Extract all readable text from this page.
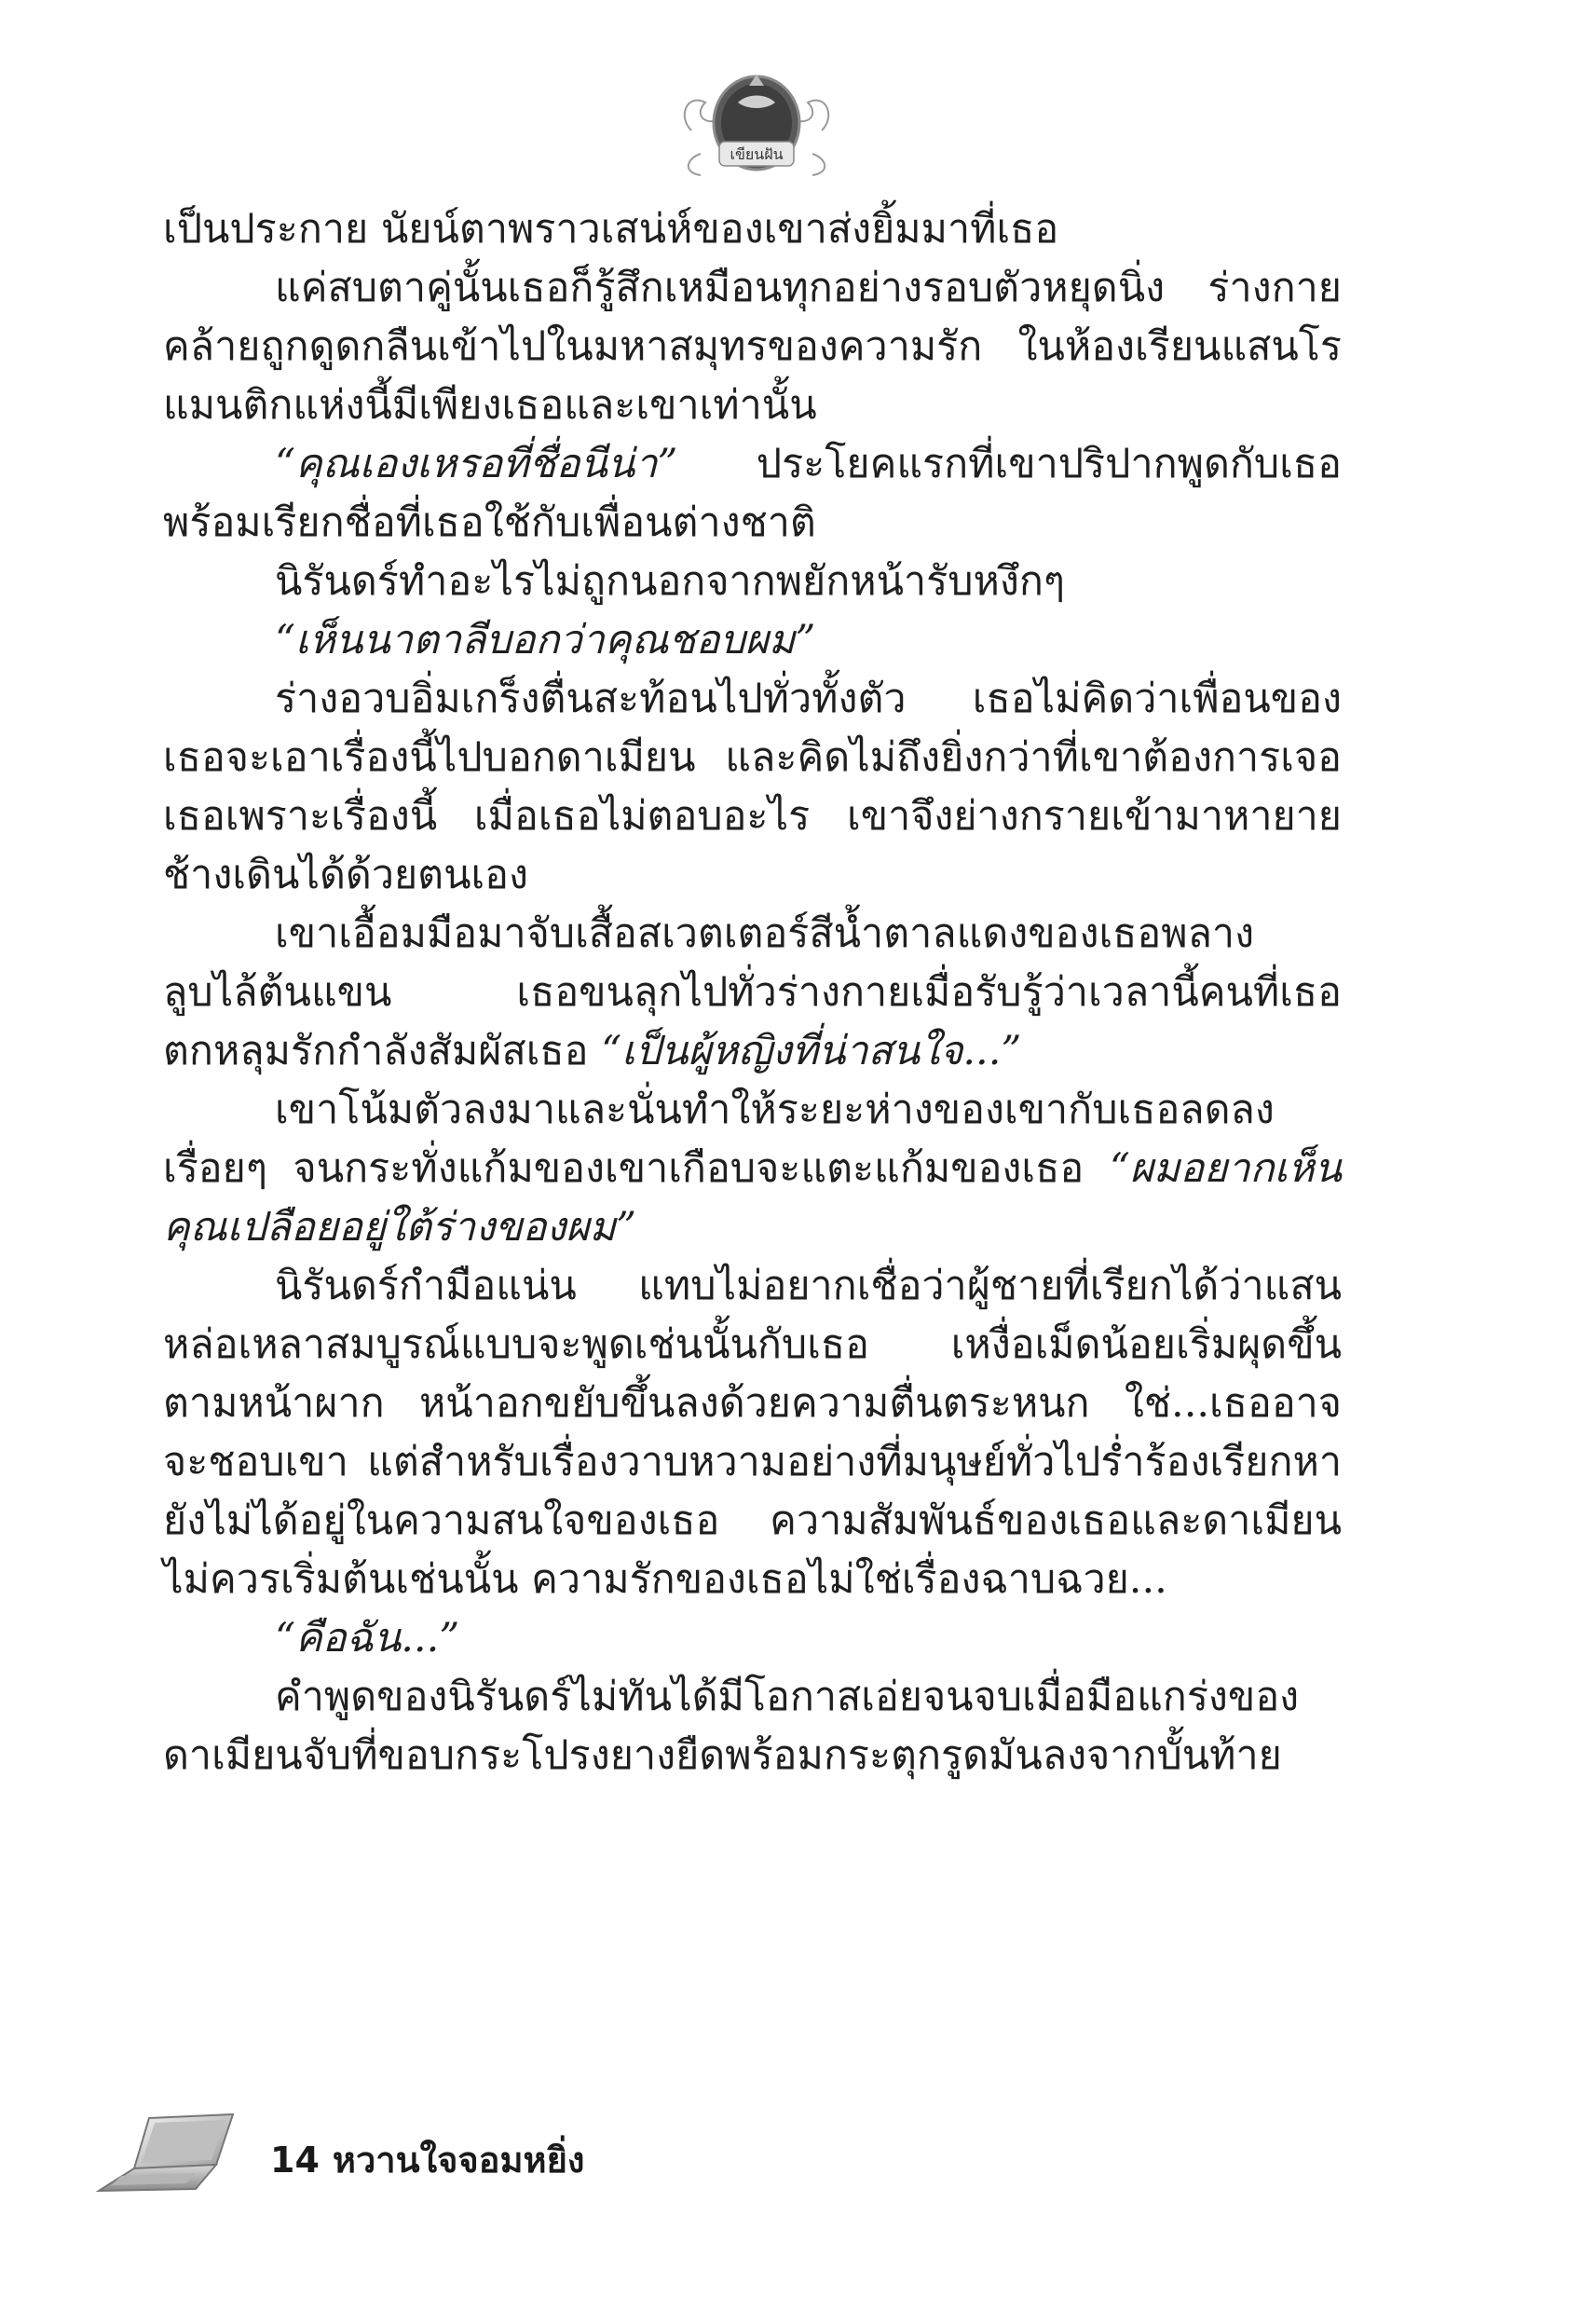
เขียนฝัน

เป็นประกาย นัยน์ตาพราวเสน่ห์ของเขาส่งยิ้มมาที่เธอ

แค่สบตาคู่นั้นเธอก็รู้สึกเหมือนทุกอย่างรอบตัวหยุดนิ่ง ร่างกายคล้ายถูกดูดกลืนเข้าไปในมหาสมุทรของความรัก ในห้องเรียนแสนโรแมนติกแห่งนี้มีเพียงเธอและเขาเท่านั้น

“คุณเองเหรอที่ชื่อนีน่า” ประโยคแรกที่เขาปริปากพูดกับเธอพร้อมเรียกชื่อที่เธอใช้กับเพื่อนต่างชาติ

นิรันดร์ทำอะไรไม่ถูกนอกจากพยักหน้ารับหงึกๆ

“เห็นนาตาลีบอกว่าคุณชอบผม”

ร่างอวบอิ่มเกร็งตื่นสะท้อนไปทั่วทั้งตัว เธอไม่คิดว่าเพื่อนของเธอจะเอาเรื่องนี้ไปบอกดาเมียน และคิดไม่ถึงยิ่งกว่าที่เขาต้องการเจอเธอเพราะเรื่องนี้ เมื่อเธอไม่ตอบอะไร เขาจึงย่างกรายเข้ามาหายายช้างเดินได้ด้วยตนเอง

เขาเอื้อมมือมาจับเสื้อสเวตเตอร์สีน้ำตาลแดงของเธอพลางลูบไล้ต้นแขน เธอขนลุกไปทั่วร่างกายเมื่อรับรู้ว่าเวลานี้คนที่เธอตกหลุมรักกำลังสัมผัสเธอ “เป็นผู้หญิงที่น่าสนใจ...”

เขาโน้มตัวลงมาและนั่นทำให้ระยะห่างของเขากับเธอลดลงเรื่อยๆ จนกระทั่งแก้มของเขาเกือบจะแตะแก้มของเธอ “ผมอยากเห็นคุณเปลือยอยู่ใต้ร่างของผม”

นิรันดร์กำมือแน่น แทบไม่อยากเชื่อว่าผู้ชายที่เรียกได้ว่าแสนหล่อเหลาสมบูรณ์แบบจะพูดเช่นนั้นกับเธอ เหงื่อเม็ดน้อยเริ่มผุดขึ้นตามหน้าผาก หน้าอกขยับขึ้นลงด้วยความตื่นตระหนก ใช่...เธออาจจะชอบเขา แต่สำหรับเรื่องวาบหวามอย่างที่มนุษย์ทั่วไปร่ำร้องเรียกหายังไม่ได้อยู่ในความสนใจของเธอ ความสัมพันธ์ของเธอและดาเมียนไม่ควรเริ่มต้นเช่นนั้น ความรักของเธอไม่ใช่เรื่องฉาบฉวย...

“คือฉัน...”

คำพูดของนิรันดร์ไม่ทันได้มีโอกาสเอ่ยจนจบเมื่อมือแกร่งของดาเมียนจับที่ขอบกระโปรงยางยืดพร้อมกระตุกรูดมันลงจากบั้นท้าย

14 หวานใจจอมหยิ่ง
